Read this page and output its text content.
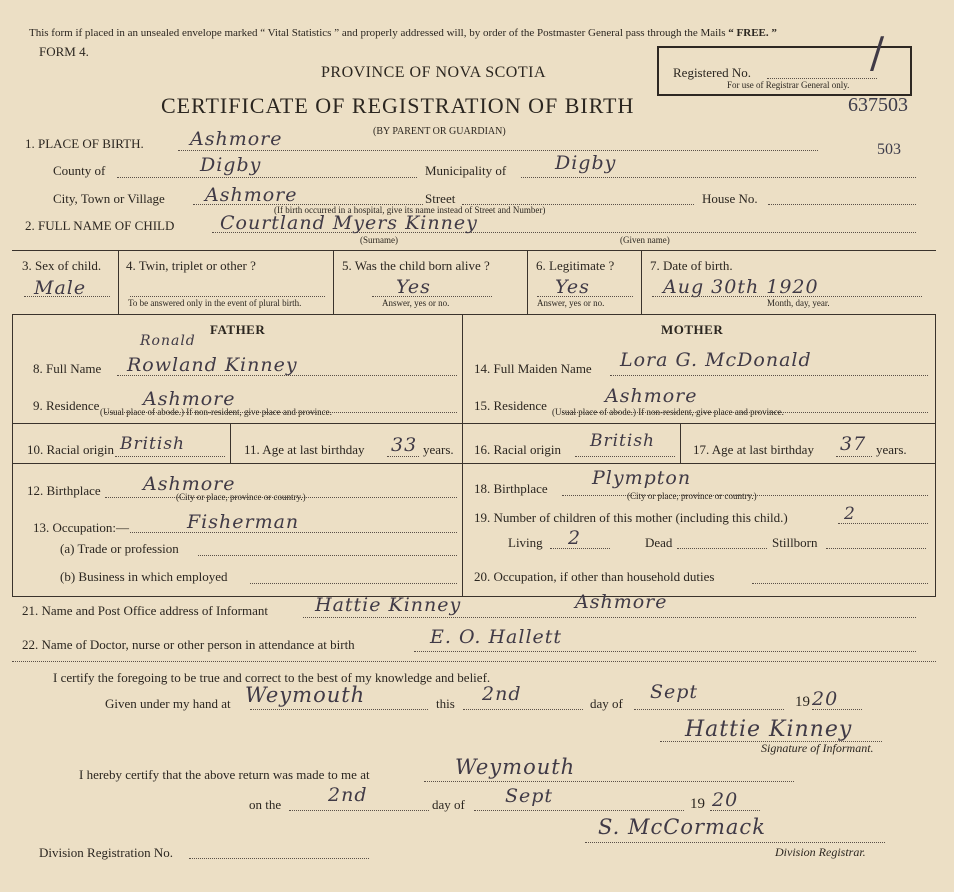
This form if placed in an unsealed envelope marked “ Vital Statistics ” and properly addressed will, by order of the Postmaster General pass through the Mails “ FREE. ”
FORM 4.
PROVINCE OF NOVA SCOTIA
CERTIFICATE OF REGISTRATION OF BIRTH
(BY PARENT OR GUARDIAN)
Registered No.
For use of Registrar General only.
/
637503
503
1. PLACE OF BIRTH. Ashmore
County of	Digby	Municipality of	Digby
City, Town or Village Ashmore	Street
(If birth occurred in a hospital, give its name instead of Street and Number)
House No.
2. FULL NAME OF CHILD Courtland Myers Kinney
(Surname)	(Given name)
3. Sex of child.
Male
4. Twin, triplet or other ?
To be answered only in the event of plural birth.
5. Was the child born alive ?
Yes
Answer, yes or no.
6. Legitimate ?
Yes
Answer, yes or no.
7. Date of birth.
Aug 30th 1920
Month, day, year.
FATHER	MOTHER
8. Full Name Rowland Kinney
Ronald
9. Residence Ashmore
(Usual place of abode.) If non-resident, give place and province.
10. Racial origin British	11. Age at last birthday 33 years.
12. Birthplace Ashmore
(City or place, province or country.)
13. Occupation:—	Fisherman
(a) Trade or profession
(b) Business in which employed
14. Full Maiden Name Lora G. McDonald
15. Residence	Ashmore
(Usual place of abode.) If non-resident, give place and province.
16. Racial origin British	17. Age at last birthday 37 years.
18. Birthplace Plympton
(City or place, province or country.)
19. Number of children of this mother (including this child.)	2
Living 2	Dead	Stillborn
20. Occupation, if other than household duties
21. Name and Post Office address of Informant Hattie Kinney	Ashmore
22. Name of Doctor, nurse or other person in attendance at birth	E. O. Hallett
I certify the foregoing to be true and correct to the best of my knowledge and belief.
Given under my hand at Weymouth	this 2nd	day of
Sept	19 20
Hattie Kinney
Signature of Informant.
I hereby certify that the above return was made to me at	Weymouth
on the 2nd	day of Sept	19 20
S. McCormack
Division Registration No.	Division Registrar.
